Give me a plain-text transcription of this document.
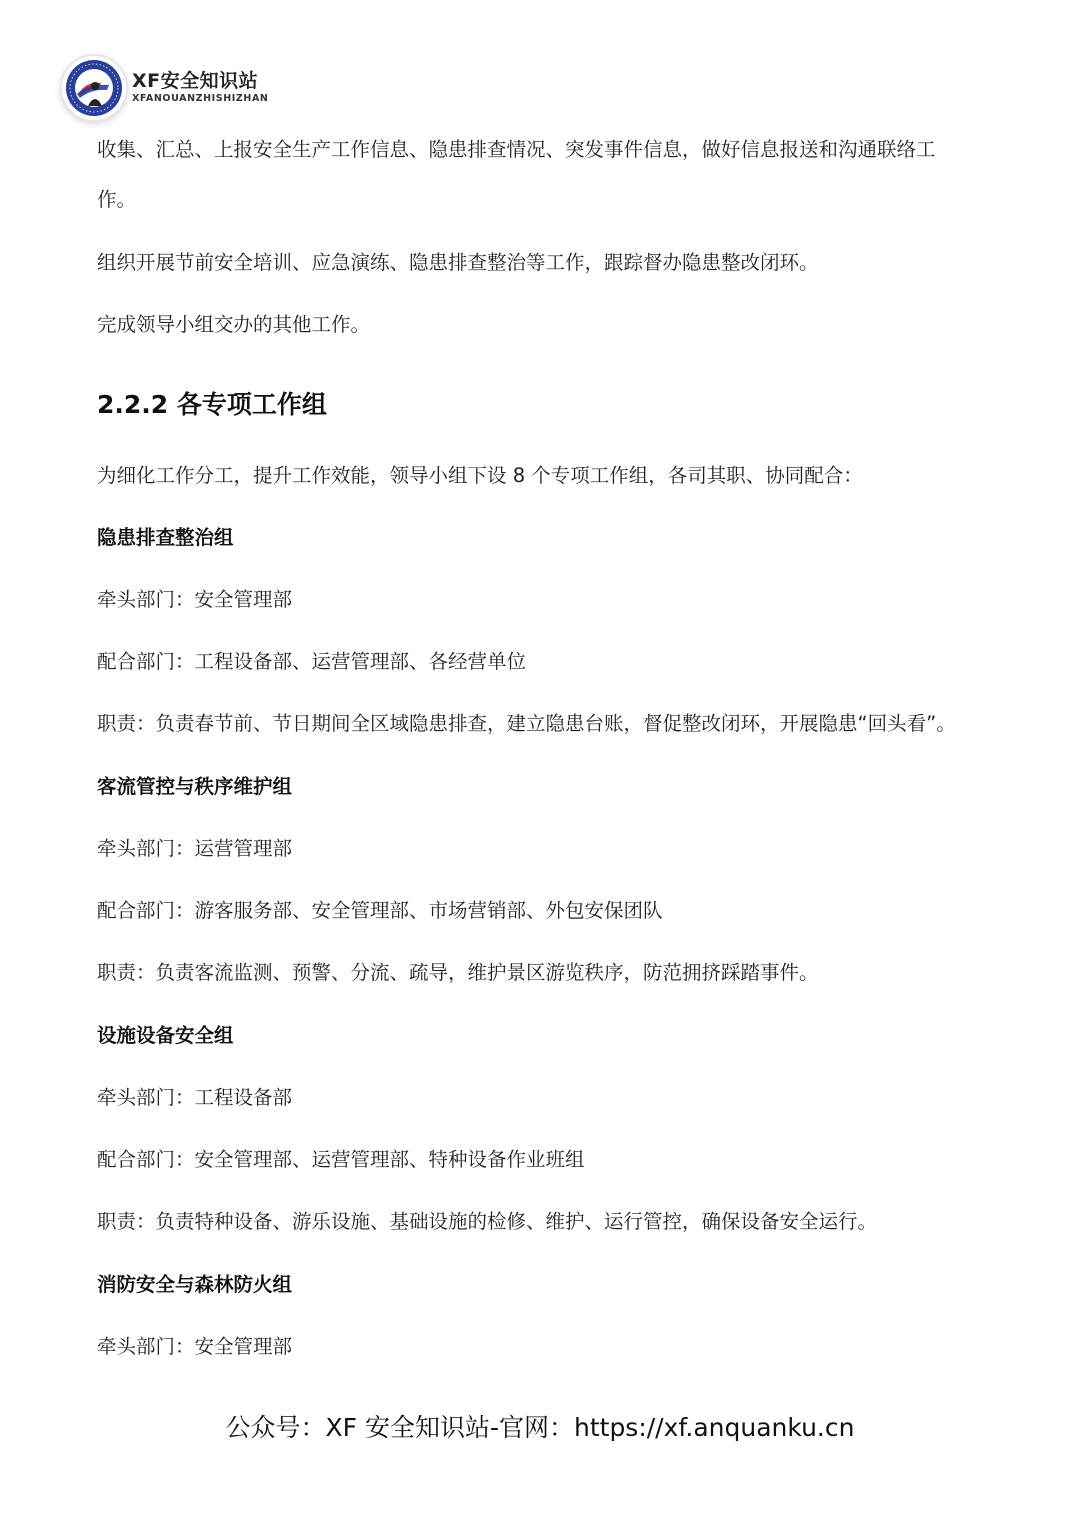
XF安全知识站
XFANOUANZHISHIZHAN
收集、汇总、上报安全生产工作信息、隐患排查情况、突发事件信息，做好信息报送和沟通联络工
作。
组织开展节前安全培训、应急演练、隐患排查整治等工作，跟踪督办隐患整改闭环。
完成领导小组交办的其他工作。
2.2.2 各专项工作组
为细化工作分工，提升工作效能，领导小组下设 8 个专项工作组，各司其职、协同配合：
隐患排查整治组
牵头部门：安全管理部
配合部门：工程设备部、运营管理部、各经营单位
职责：负责春节前、节日期间全区域隐患排查，建立隐患台账，督促整改闭环，开展隐患“回头看”。
客流管控与秩序维护组
牵头部门：运营管理部
配合部门：游客服务部、安全管理部、市场营销部、外包安保团队
职责：负责客流监测、预警、分流、疏导，维护景区游览秩序，防范拥挤踩踏事件。
设施设备安全组
牵头部门：工程设备部
配合部门：安全管理部、运营管理部、特种设备作业班组
职责：负责特种设备、游乐设施、基础设施的检修、维护、运行管控，确保设备安全运行。
消防安全与森林防火组
牵头部门：安全管理部
公众号：XF 安全知识站-官网：https://xf.anquanku.cn
